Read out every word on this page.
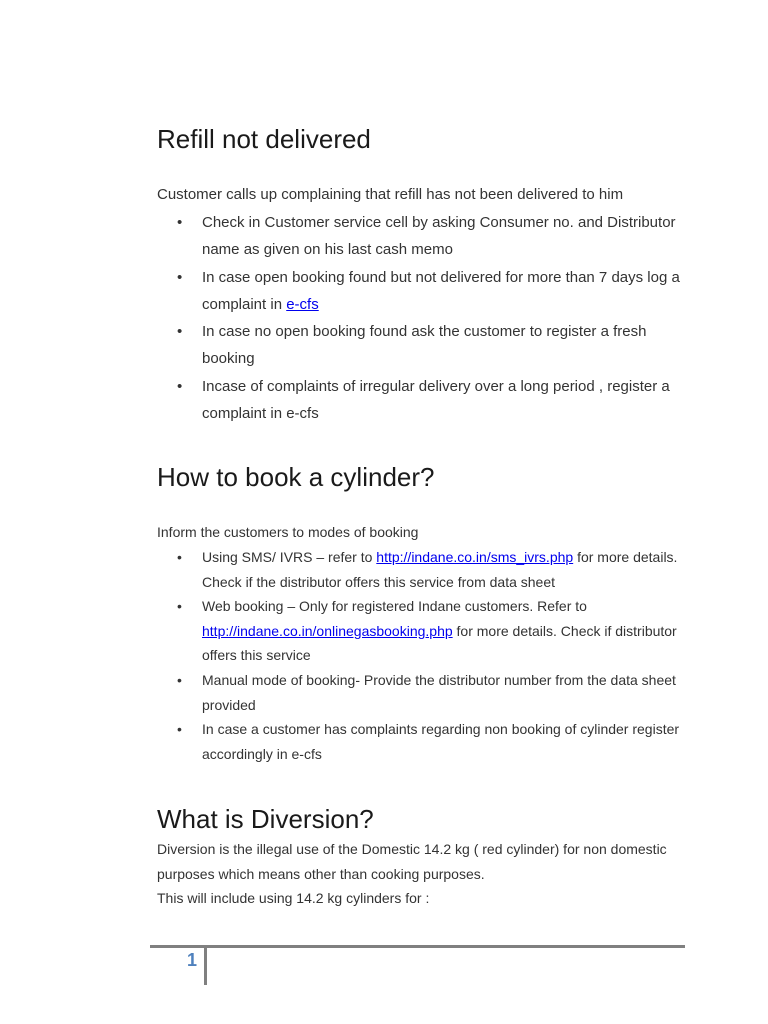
Refill not delivered

Customer calls up complaining that refill has not been delivered to him

• Check in Customer service cell by asking Consumer no. and Distributor name as given on his last cash memo
• In case open booking found but not delivered for more than 7 days log a complaint in e-cfs
• In case no open booking found ask the customer to register a fresh booking
• Incase of complaints of irregular delivery over a long period , register a complaint in e-cfs
How to book a cylinder?

Inform the customers to modes of booking

• Using SMS/ IVRS – refer to http://indane.co.in/sms_ivrs.php for more details. Check if the distributor offers this service from data sheet
• Web booking – Only for registered Indane customers. Refer to http://indane.co.in/onlinegasbooking.php for more details. Check if distributor offers this service
• Manual mode of booking- Provide the distributor number from the data sheet provided
• In case a customer has complaints regarding non booking of cylinder register accordingly in e-cfs
What is Diversion?

Diversion is the illegal use of the Domestic 14.2 kg ( red cylinder) for non domestic purposes which means other than cooking purposes.

This will include using 14.2 kg cylinders for :

1
